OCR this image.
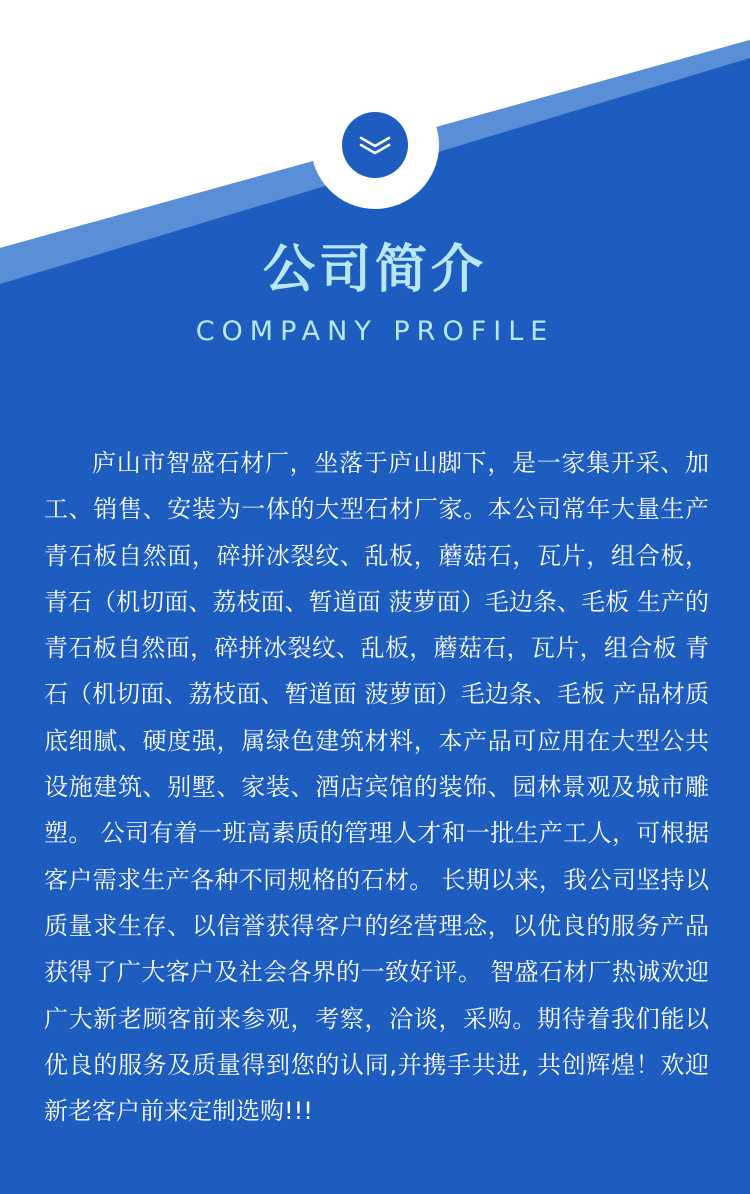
公司简介
COMPANY PROFILE

庐山市智盛石材厂，坐落于庐山脚下，是一家集开采、加工、销售、安装为一体的大型石材厂家。本公司常年大量生产青石板自然面，碎拼冰裂纹、乱板，蘑菇石，瓦片，组合板，青石（机切面、荔枝面、暂道面 菠萝面）毛边条、毛板 生产的青石板自然面，碎拼冰裂纹、乱板，蘑菇石，瓦片，组合板 青石（机切面、荔枝面、暂道面 菠萝面）毛边条、毛板 产品材质底细腻、硬度强，属绿色建筑材料，本产品可应用在大型公共设施建筑、别墅、家装、酒店宾馆的装饰、园林景观及城市雕塑。 公司有着一班高素质的管理人才和一批生产工人，可根据客户需求生产各种不同规格的石材。 长期以来，我公司坚持以质量求生存、以信誉获得客户的经营理念，以优良的服务产品获得了广大客户及社会各界的一致好评。 智盛石材厂热诚欢迎广大新老顾客前来参观，考察，洽谈，采购。期待着我们能以优良的服务及质量得到您的认同,并携手共进, 共创辉煌！欢迎新老客户前来定制选购!!!
